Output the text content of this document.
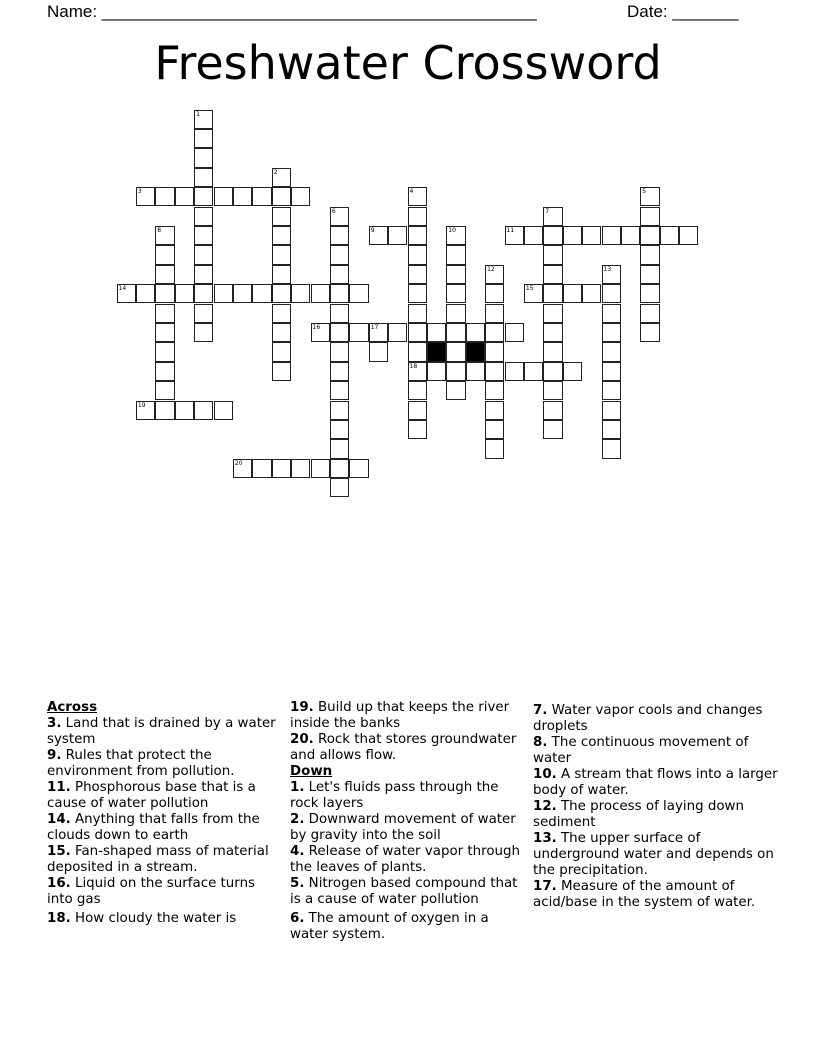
Name: ______________________________________________	Date: _______
Freshwater Crossword
1
2
3	4
18
5
6	7
8	9	10	11
12	13
14	15
16	17
19
20
Across
3. Land that is drained by a water system
9. Rules that protect the environment from pollution.
11. Phosphorous base that is a cause of water pollution
14. Anything that falls from the clouds down to earth
15. Fan-shaped mass of material deposited in a stream.
16. Liquid on the surface turns into gas
18. How cloudy the water is
19. Build up that keeps the river inside the banks
20. Rock that stores groundwater and allows flow.
Down
1. Let's fluids pass through the rock layers
2. Downward movement of water by gravity into the soil
4. Release of water vapor through the leaves of plants.
5. Nitrogen based compound that is a cause of water pollution
6. The amount of oxygen in a water system.
7. Water vapor cools and changes droplets
8. The continuous movement of water
10. A stream that flows into a larger body of water.
12. The process of laying down sediment
13. The upper surface of underground water and depends on the precipitation.
17. Measure of the amount of acid/base in the system of water.
